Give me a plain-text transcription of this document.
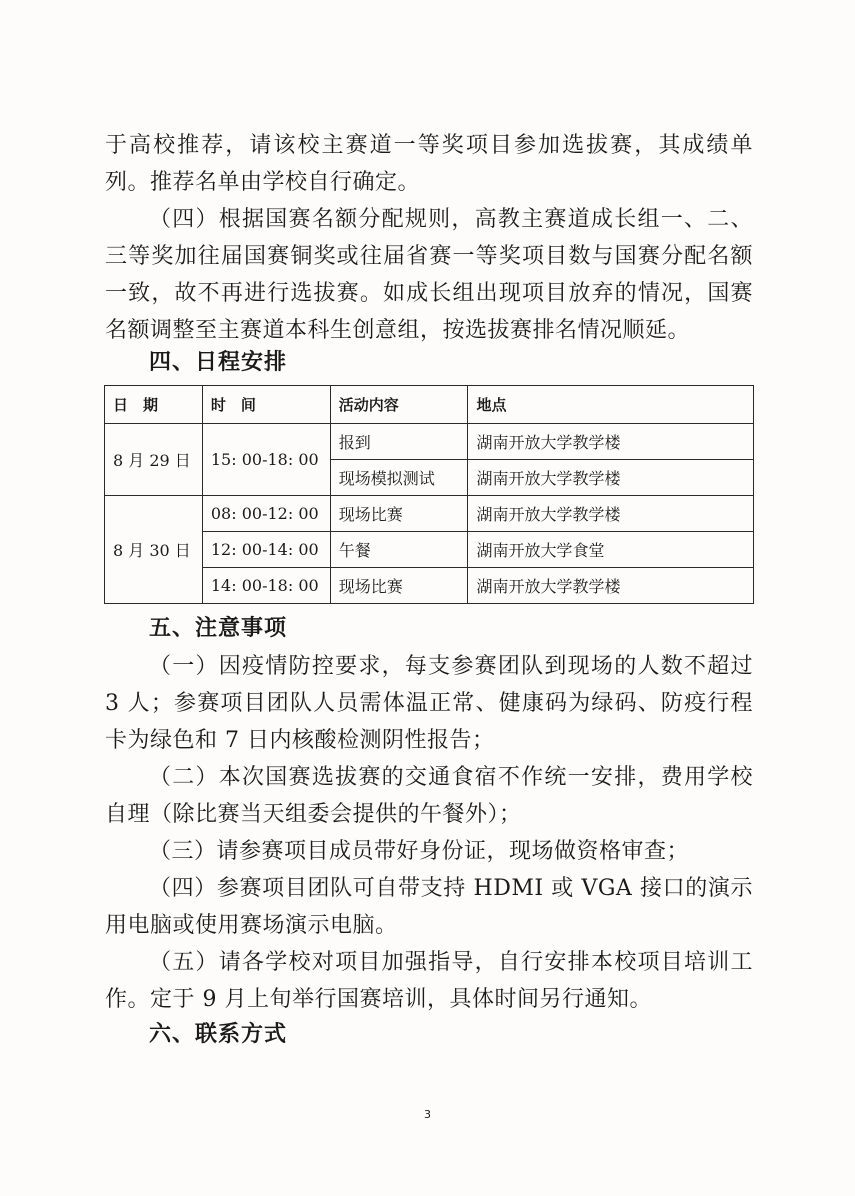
于高校推荐，请该校主赛道一等奖项目参加选拔赛，其成绩单列。推荐名单由学校自行确定。

（四）根据国赛名额分配规则，高教主赛道成长组一、二、三等奖加往届国赛铜奖或往届省赛一等奖项目数与国赛分配名额一致，故不再进行选拔赛。如成长组出现项目放弃的情况，国赛名额调整至主赛道本科生创意组，按选拔赛排名情况顺延。

四、日程安排
日　期	时　间	活动内容	地点
8 月 29 日	15: 00-18: 00	报到	湖南开放大学教学楼
		现场模拟测试	湖南开放大学教学楼
8 月 30 日	08: 00-12: 00	现场比赛	湖南开放大学教学楼
	12: 00-14: 00	午餐	湖南开放大学食堂
	14: 00-18: 00	现场比赛	湖南开放大学教学楼
五、注意事项

（一）因疫情防控要求，每支参赛团队到现场的人数不超过 3 人；参赛项目团队人员需体温正常、健康码为绿码、防疫行程卡为绿色和 7 日内核酸检测阴性报告；

（二）本次国赛选拔赛的交通食宿不作统一安排，费用学校自理（除比赛当天组委会提供的午餐外）；

（三）请参赛项目成员带好身份证，现场做资格审查；

（四）参赛项目团队可自带支持 HDMI 或 VGA 接口的演示用电脑或使用赛场演示电脑。

（五）请各学校对项目加强指导，自行安排本校项目培训工作。定于 9 月上旬举行国赛培训，具体时间另行通知。

六、联系方式
3
